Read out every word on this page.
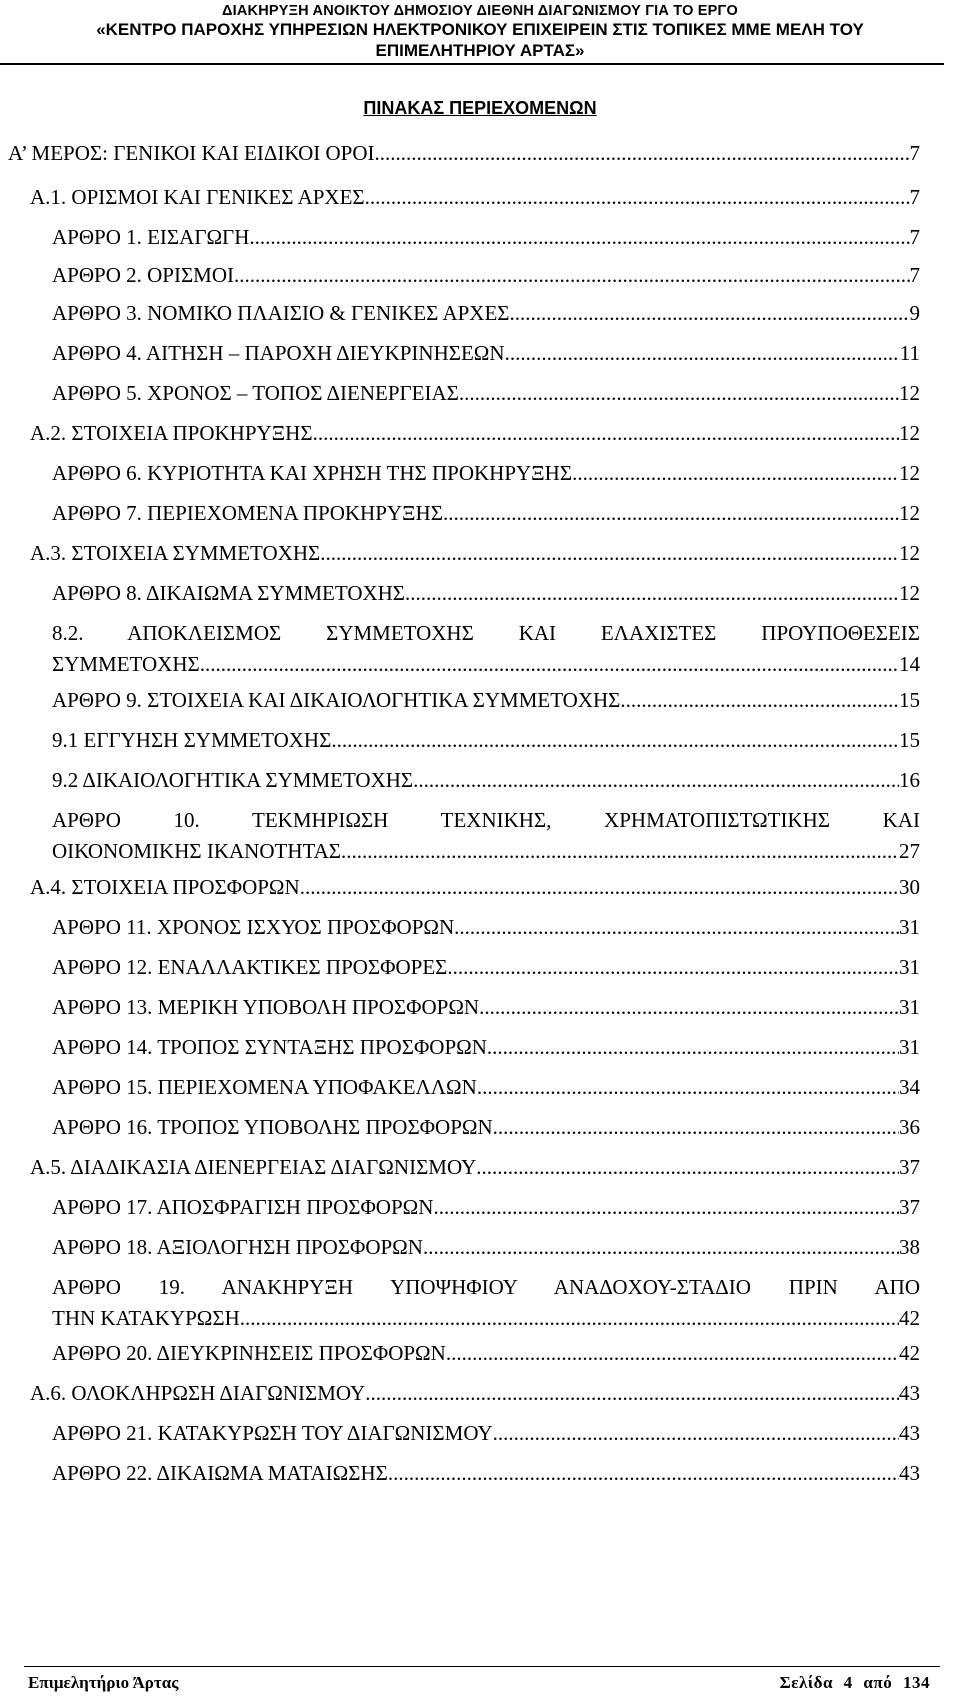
ΔΙΑΚΗΡΥΞΗ ΑΝΟΙΚΤΟΥ ΔΗΜΟΣΙΟΥ ΔΙΕΘΝΗ ΔΙΑΓΩΝΙΣΜΟΥ ΓΙΑ ΤΟ ΕΡΓΟ
«ΚΕΝΤΡΟ ΠΑΡΟΧΗΣ ΥΠΗΡΕΣΙΩΝ ΗΛΕΚΤΡΟΝΙΚΟΥ ΕΠΙΧΕΙΡΕΙΝ ΣΤΙΣ ΤΟΠΙΚΕΣ ΜΜΕ ΜΕΛΗ ΤΟΥ
ΕΠΙΜΕΛΗΤΗΡΙΟΥ ΑΡΤΑΣ»
ΠΙΝΑΚΑΣ ΠΕΡΙΕΧΟΜΕΝΩΝ
Α’ ΜΕΡΟΣ: ΓΕΝΙΚΟΙ ΚΑΙ ΕΙΔΙΚΟΙ ΟΡΟΙ .....	7
Α.1. ΟΡΙΣΜΟΙ ΚΑΙ ΓΕΝΙΚΕΣ ΑΡΧΕΣ .....	7
ΑΡΘΡΟ 1. ΕΙΣΑΓΩΓΗ .....	7
ΑΡΘΡΟ 2. ΟΡΙΣΜΟΙ .....	7
ΑΡΘΡΟ 3. ΝΟΜΙΚΟ ΠΛΑΙΣΙΟ & ΓΕΝΙΚΕΣ ΑΡΧΕΣ .....	9
ΑΡΘΡΟ 4. ΑΙΤΗΣΗ – ΠΑΡΟΧΗ ΔΙΕΥΚΡΙΝΗΣΕΩΝ .....	11
ΑΡΘΡΟ 5. ΧΡΟΝΟΣ – ΤΟΠΟΣ ΔΙΕΝΕΡΓΕΙΑΣ .....	12
Α.2. ΣΤΟΙΧΕΙΑ ΠΡΟΚΗΡΥΞΗΣ .....	12
ΑΡΘΡΟ 6. ΚΥΡΙΟΤΗΤΑ ΚΑΙ ΧΡΗΣΗ ΤΗΣ ΠΡΟΚΗΡΥΞΗΣ .....	12
ΑΡΘΡΟ 7. ΠΕΡΙΕΧΟΜΕΝΑ ΠΡΟΚΗΡΥΞΗΣ .....	12
Α.3. ΣΤΟΙΧΕΙΑ ΣΥΜΜΕΤΟΧΗΣ .....	12
ΑΡΘΡΟ 8. ΔΙΚΑΙΩΜΑ ΣΥΜΜΕΤΟΧΗΣ .....	12
8.2. ΑΠΟΚΛΕΙΣΜΟΣ ΣΥΜΜΕΤΟΧΗΣ ΚΑΙ ΕΛΑΧΙΣΤΕΣ ΠΡΟΥΠΟΘΕΣΕΙΣ
ΣΥΜΜΕΤΟΧΗΣ .....	14
ΑΡΘΡΟ 9. ΣΤΟΙΧΕΙΑ ΚΑΙ ΔΙΚΑΙΟΛΟΓΗΤΙΚΑ ΣΥΜΜΕΤΟΧΗΣ .....	15
9.1 ΕΓΓΥΗΣΗ ΣΥΜΜΕΤΟΧΗΣ .....	15
9.2 ΔΙΚΑΙΟΛΟΓΗΤΙΚΑ ΣΥΜΜΕΤΟΧΗΣ .....	16
ΑΡΘΡΟ 10. ΤΕΚΜΗΡΙΩΣΗ ΤΕΧΝΙΚΗΣ, ΧΡΗΜΑΤΟΠΙΣΤΩΤΙΚΗΣ ΚΑΙ
ΟΙΚΟΝΟΜΙΚΗΣ ΙΚΑΝΟΤΗΤΑΣ .....	27
Α.4. ΣΤΟΙΧΕΙΑ ΠΡΟΣΦΟΡΩΝ .....	30
ΑΡΘΡΟ 11. ΧΡΟΝΟΣ ΙΣΧΥΟΣ ΠΡΟΣΦΟΡΩΝ .....	31
ΑΡΘΡΟ 12. ΕΝΑΛΛΑΚΤΙΚΕΣ ΠΡΟΣΦΟΡΕΣ .....	31
ΑΡΘΡΟ 13. ΜΕΡΙΚΗ ΥΠΟΒΟΛΗ ΠΡΟΣΦΟΡΩΝ .....	31
ΑΡΘΡΟ 14. ΤΡΟΠΟΣ ΣΥΝΤΑΞΗΣ ΠΡΟΣΦΟΡΩΝ .....	31
ΑΡΘΡΟ 15. ΠΕΡΙΕΧΟΜΕΝΑ ΥΠΟΦΑΚΕΛΛΩΝ .....	34
ΑΡΘΡΟ 16. ΤΡΟΠΟΣ ΥΠΟΒΟΛΗΣ ΠΡΟΣΦΟΡΩΝ .....	36
Α.5. ΔΙΑΔΙΚΑΣΙΑ ΔΙΕΝΕΡΓΕΙΑΣ ΔΙΑΓΩΝΙΣΜΟΥ .....	37
ΑΡΘΡΟ 17. ΑΠΟΣΦΡΑΓΙΣΗ ΠΡΟΣΦΟΡΩΝ .....	37
ΑΡΘΡΟ 18. ΑΞΙΟΛΟΓΗΣΗ ΠΡΟΣΦΟΡΩΝ .....	38
ΑΡΘΡΟ 19. ΑΝΑΚΗΡΥΞΗ ΥΠΟΨΗΦΙΟΥ ΑΝΑΔΟΧΟΥ-ΣΤΑΔΙΟ ΠΡΙΝ ΑΠΟ
ΤΗΝ ΚΑΤΑΚΥΡΩΣΗ .....	42
ΑΡΘΡΟ 20. ΔΙΕΥΚΡΙΝΗΣΕΙΣ ΠΡΟΣΦΟΡΩΝ .....	42
Α.6. ΟΛΟΚΛΗΡΩΣΗ ΔΙΑΓΩΝΙΣΜΟΥ .....	43
ΑΡΘΡΟ 21. ΚΑΤΑΚΥΡΩΣΗ ΤΟΥ ΔΙΑΓΩΝΙΣΜΟΥ .....	43
ΑΡΘΡΟ 22. ΔΙΚΑΙΩΜΑ ΜΑΤΑΙΩΣΗΣ .....	43
Επιμελητήριο Άρτας	Σελίδα 4 από 134
